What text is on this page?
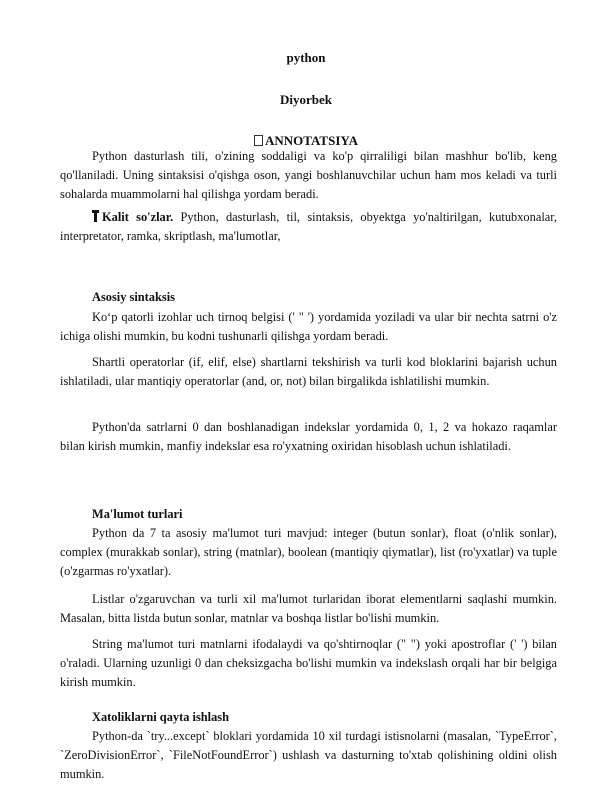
python
Diyorbek
ANNOTATSIYA
Python dasturlash tili, o'zining soddaligi va ko'p qirraliligi bilan mashhur bo'lib, keng qo'llaniladi. Uning sintaksisi o'qishga oson, yangi boshlanuvchilar uchun ham mos keladi va turli sohalarda muammolarni hal qilishga yordam beradi.
Kalit so'zlar. Python, dasturlash, til, sintaksis, obyektga yo'naltirilgan, kutubxonalar, interpretator, ramka, skriptlash, ma'lumotlar,
Asosiy sintaksis
Ko‘p qatorli izohlar uch tirnoq belgisi (' " ') yordamida yoziladi va ular bir nechta satrni o'z ichiga olishi mumkin, bu kodni tushunarli qilishga yordam beradi.
Shartli operatorlar (if, elif, else) shartlarni tekshirish va turli kod bloklarini bajarish uchun ishlatiladi, ular mantiqiy operatorlar (and, or, not) bilan birgalikda ishlatilishi mumkin.
Python'da satrlarni 0 dan boshlanadigan indekslar yordamida 0, 1, 2 va hokazo raqamlar bilan kirish mumkin, manfiy indekslar esa ro'yxatning oxiridan hisoblash uchun ishlatiladi.
Ma'lumot turlari
Python da 7 ta asosiy ma'lumot turi mavjud: integer (butun sonlar), float (o'nlik sonlar), complex (murakkab sonlar), string (matnlar), boolean (mantiqiy qiymatlar), list (ro'yxatlar) va tuple (o'zgarmas ro'yxatlar).
Listlar o'zgaruvchan va turli xil ma'lumot turlaridan iborat elementlarni saqlashi mumkin. Masalan, bitta listda butun sonlar, matnlar va boshqa listlar bo'lishi mumkin.
String ma'lumot turi matnlarni ifodalaydi va qo'shtirnoqlar (" ") yoki apostroflar (' ') bilan o'raladi. Ularning uzunligi 0 dan cheksizgacha bo'lishi mumkin va indekslash orqali har bir belgiga kirish mumkin.
Xatoliklarni qayta ishlash
Python-da `try...except` bloklari yordamida 10 xil turdagi istisnolarni (masalan, `TypeError`, `ZeroDivisionError`, `FileNotFoundError`) ushlash va dasturning to'xtab qolishining oldini olish mumkin.
